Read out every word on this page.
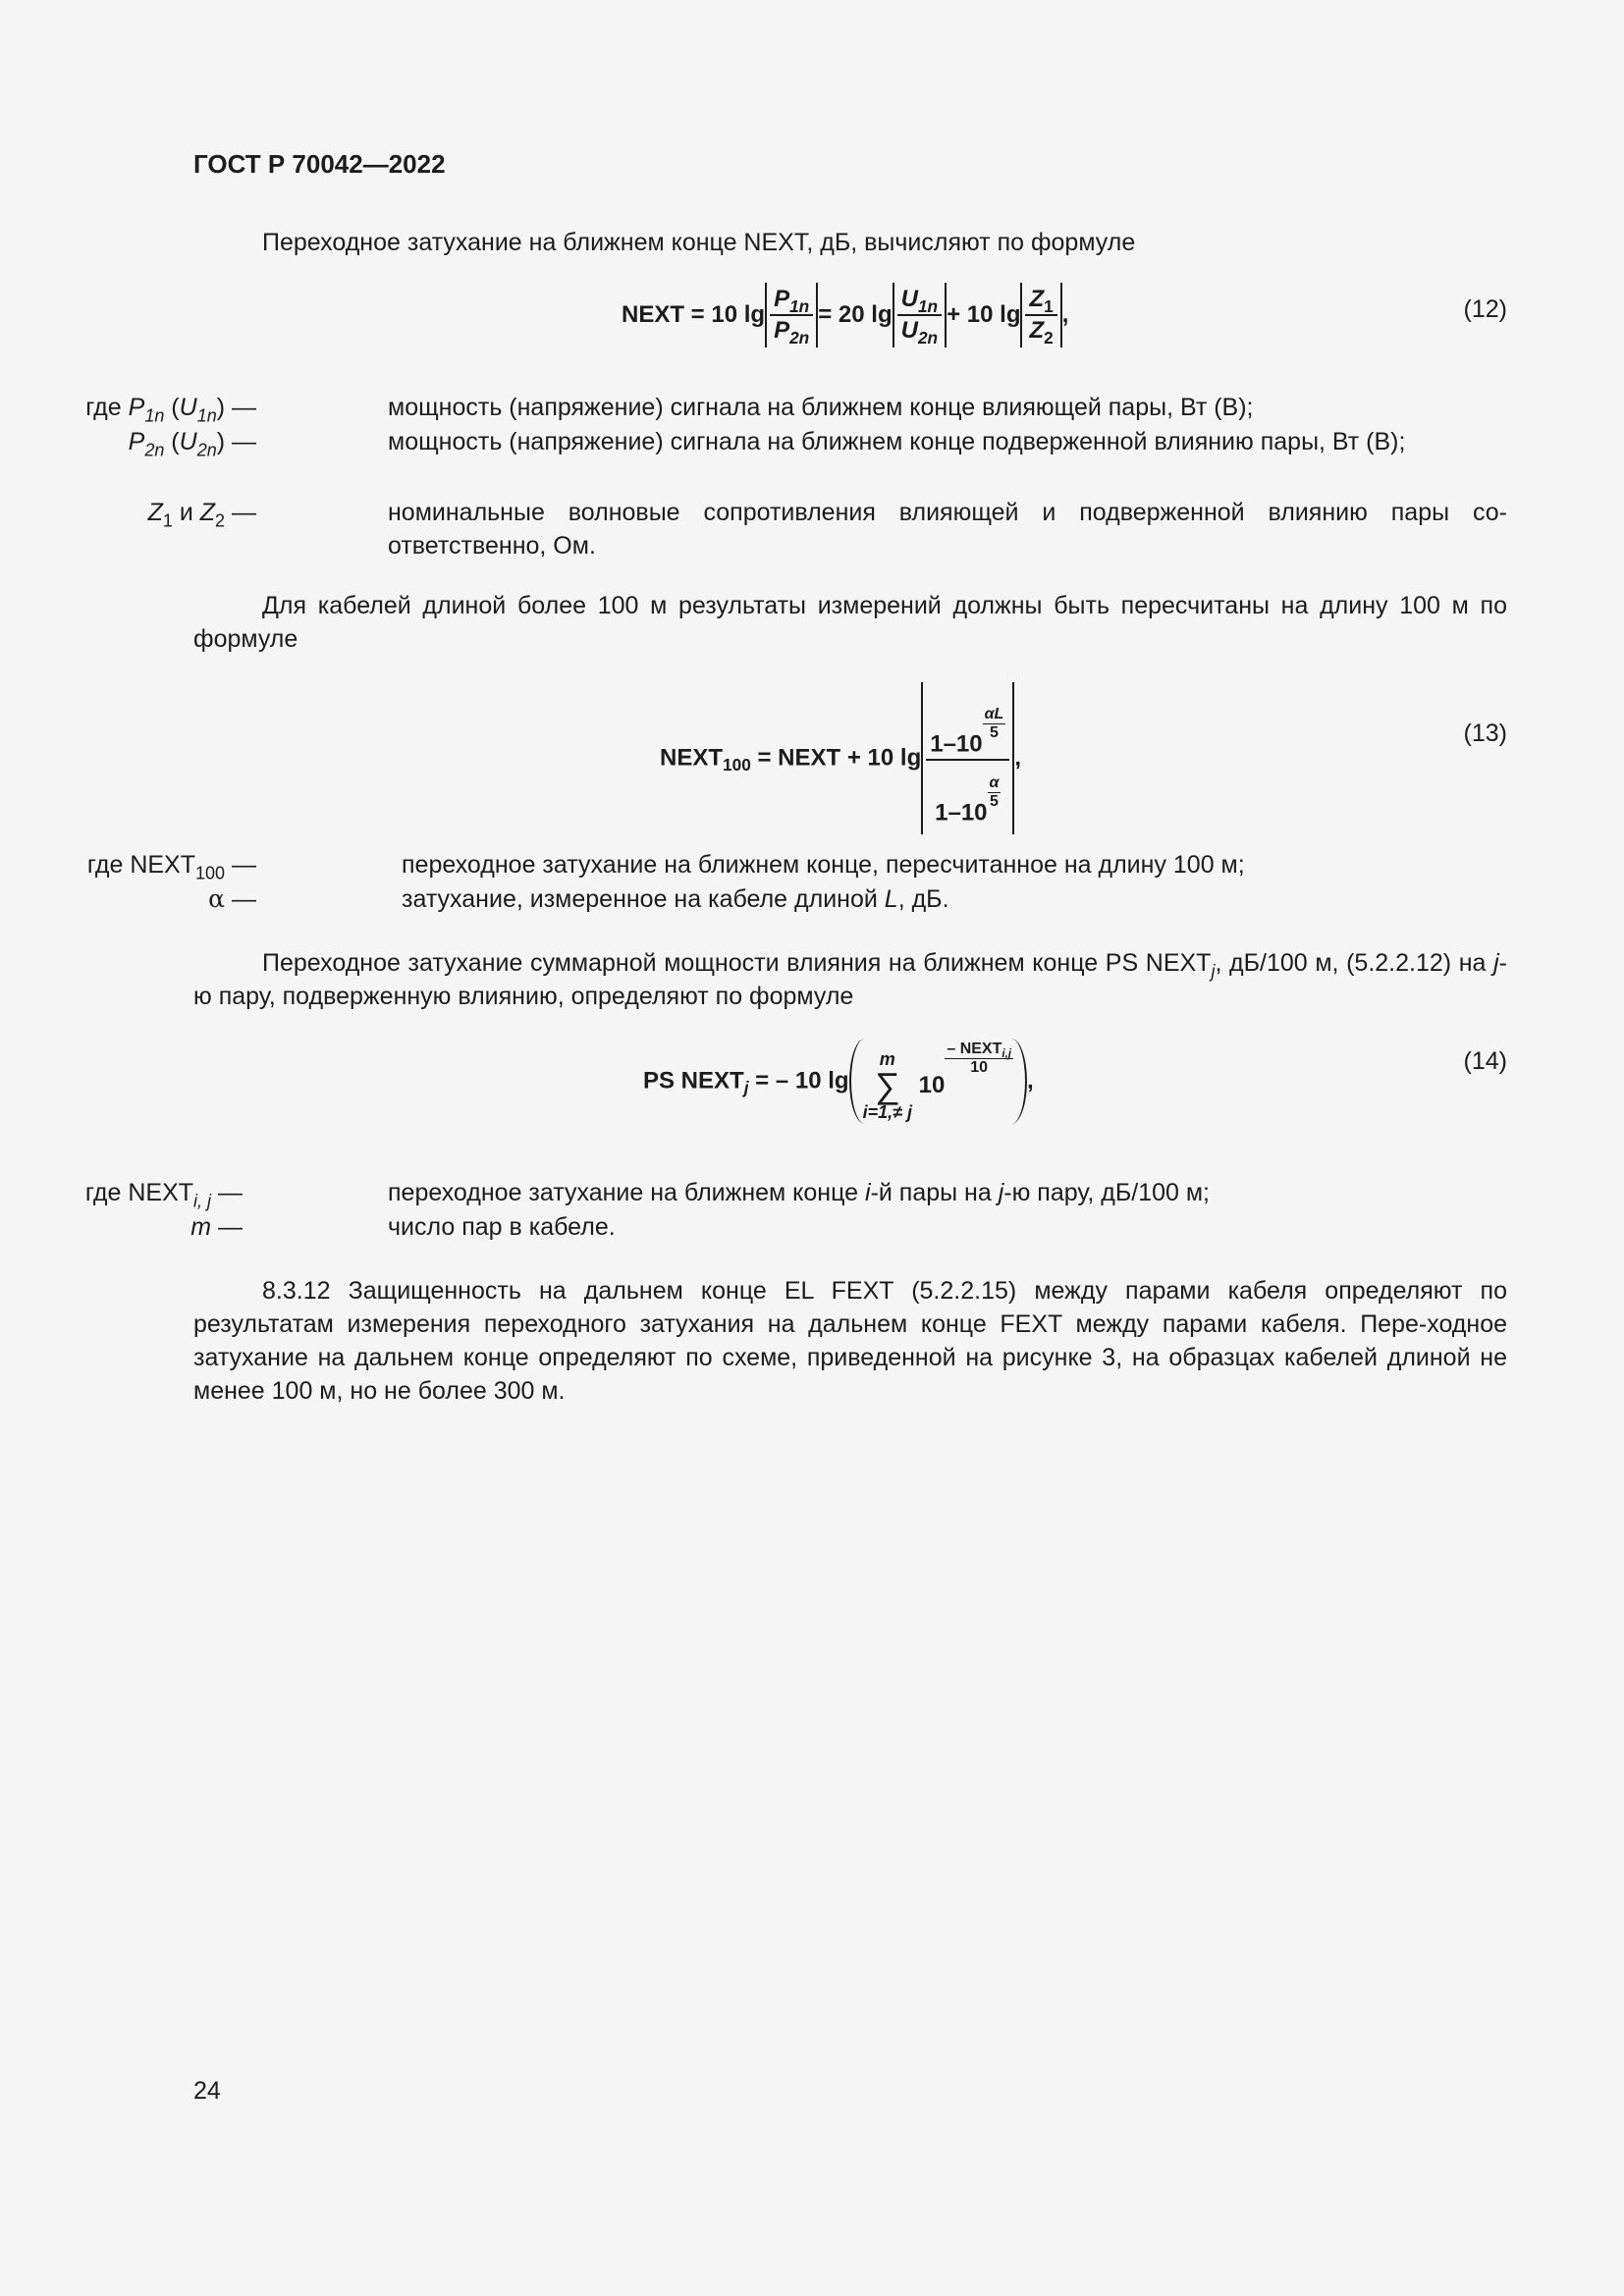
ГОСТ Р 70042—2022
Переходное затухание на ближнем конце NEXT, дБ, вычисляют по формуле
NEXT = 10 $\lg \frac{P_{1n}}{P_{2n}} = 20$ $\lg \frac{U_{1n}}{U_{2n}} + 10$ $\lg \frac{Z_1}{Z_2}$ ,	(12)
где $P_{1n}$ $(U_{1n})$ —	мощность (напряжение) сигнала на ближнем конце влияющей пары, Вт (В);
$P_{2n}$ $(U_{2n})$ —	мощность (напряжение) сигнала на ближнем конце подверженной влиянию пары, Вт (В);
$Z_1$ и $Z_2$ —	номинальные волновые сопротивления влияющей и подверженной влиянию пары со-ответственно, Ом.
Для кабелей длиной более 100 м результаты измерений должны быть пересчитаны на длину 100 м по формуле
$NEXT_{100}$ = NEXT + 10 lg 1–10
$\frac{\alpha L}{5}$
1–10
$\frac{\alpha}{5}$ ,
(13)
где $NEXT_{100}$ —	переходное затухание на ближнем конце, пересчитанное на длину 100 м;
α —	затухание, измеренное на кабеле длиной L, дБ.
Переходное затухание суммарной мощности влияния на ближнем конце PS $NEXT_j$, дБ/100 м, (5.2.2.12) на j-ю пару, подверженную влиянию, определяют по формуле
PS $NEXT_j$ = – 10 lgm
∑
i=1,≠ j 10
– $NEXT_{i,j}$
10
,
(14)
где $NEXT_{i, j}$ —	переходное затухание на ближнем конце i-й пары на j-ю пару, дБ/100 м;
m —	число пар в кабеле.
8.3.12 Защищенность на дальнем конце EL FEXT (5.2.2.15) между парами кабеля определяют по результатам измерения переходного затухания на дальнем конце FEXT между парами кабеля. Пере-ходное затухание на дальнем конце определяют по схеме, приведенной на рисунке 3, на образцах кабелей длиной не менее 100 м, но не более 300 м.
24
